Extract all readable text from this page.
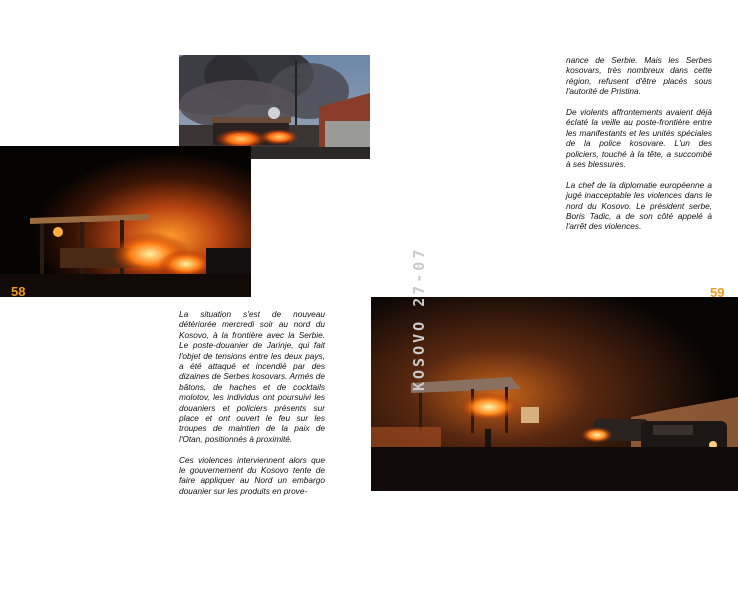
58	59
KOSOVO 27-07

La situation s'est de nouveau détériorée mercredi soir au nord du Kosovo, à la frontière avec la Serbie. Le poste-douanier de Jarinje, qui fait l'objet de tensions entre les deux pays, a été attaqué et incendié par des dizaines de Serbes kosovars. Armés de bâtons, de haches et de cocktails molotov, les individus ont poursuivi les douaniers et policiers présents sur place et ont ouvert le feu sur les troupes de maintien de la paix de l'Otan, positionnés à proximité.

Ces violences interviennent alors que le gouvernement du Kosovo tente de faire appliquer au Nord un embargo douanier sur les produits en prove-

nance de Serbie. Mais les Serbes kosovars, très nombreux dans cette région, refusent d'être placés sous l'autorité de Pristina.

De violents affrontements avaient déjà éclaté la veille au poste-frontière entre les manifestants et les unités spéciales de la police kosovare. L'un des policiers, touché à la tête, a succombé à ses blessures.

La chef de la diplomatie européenne a jugé inacceptable les violences dans le nord du Kosovo. Le président serbe, Boris Tadic, a de son côté appelé à l'arrêt des violences.
